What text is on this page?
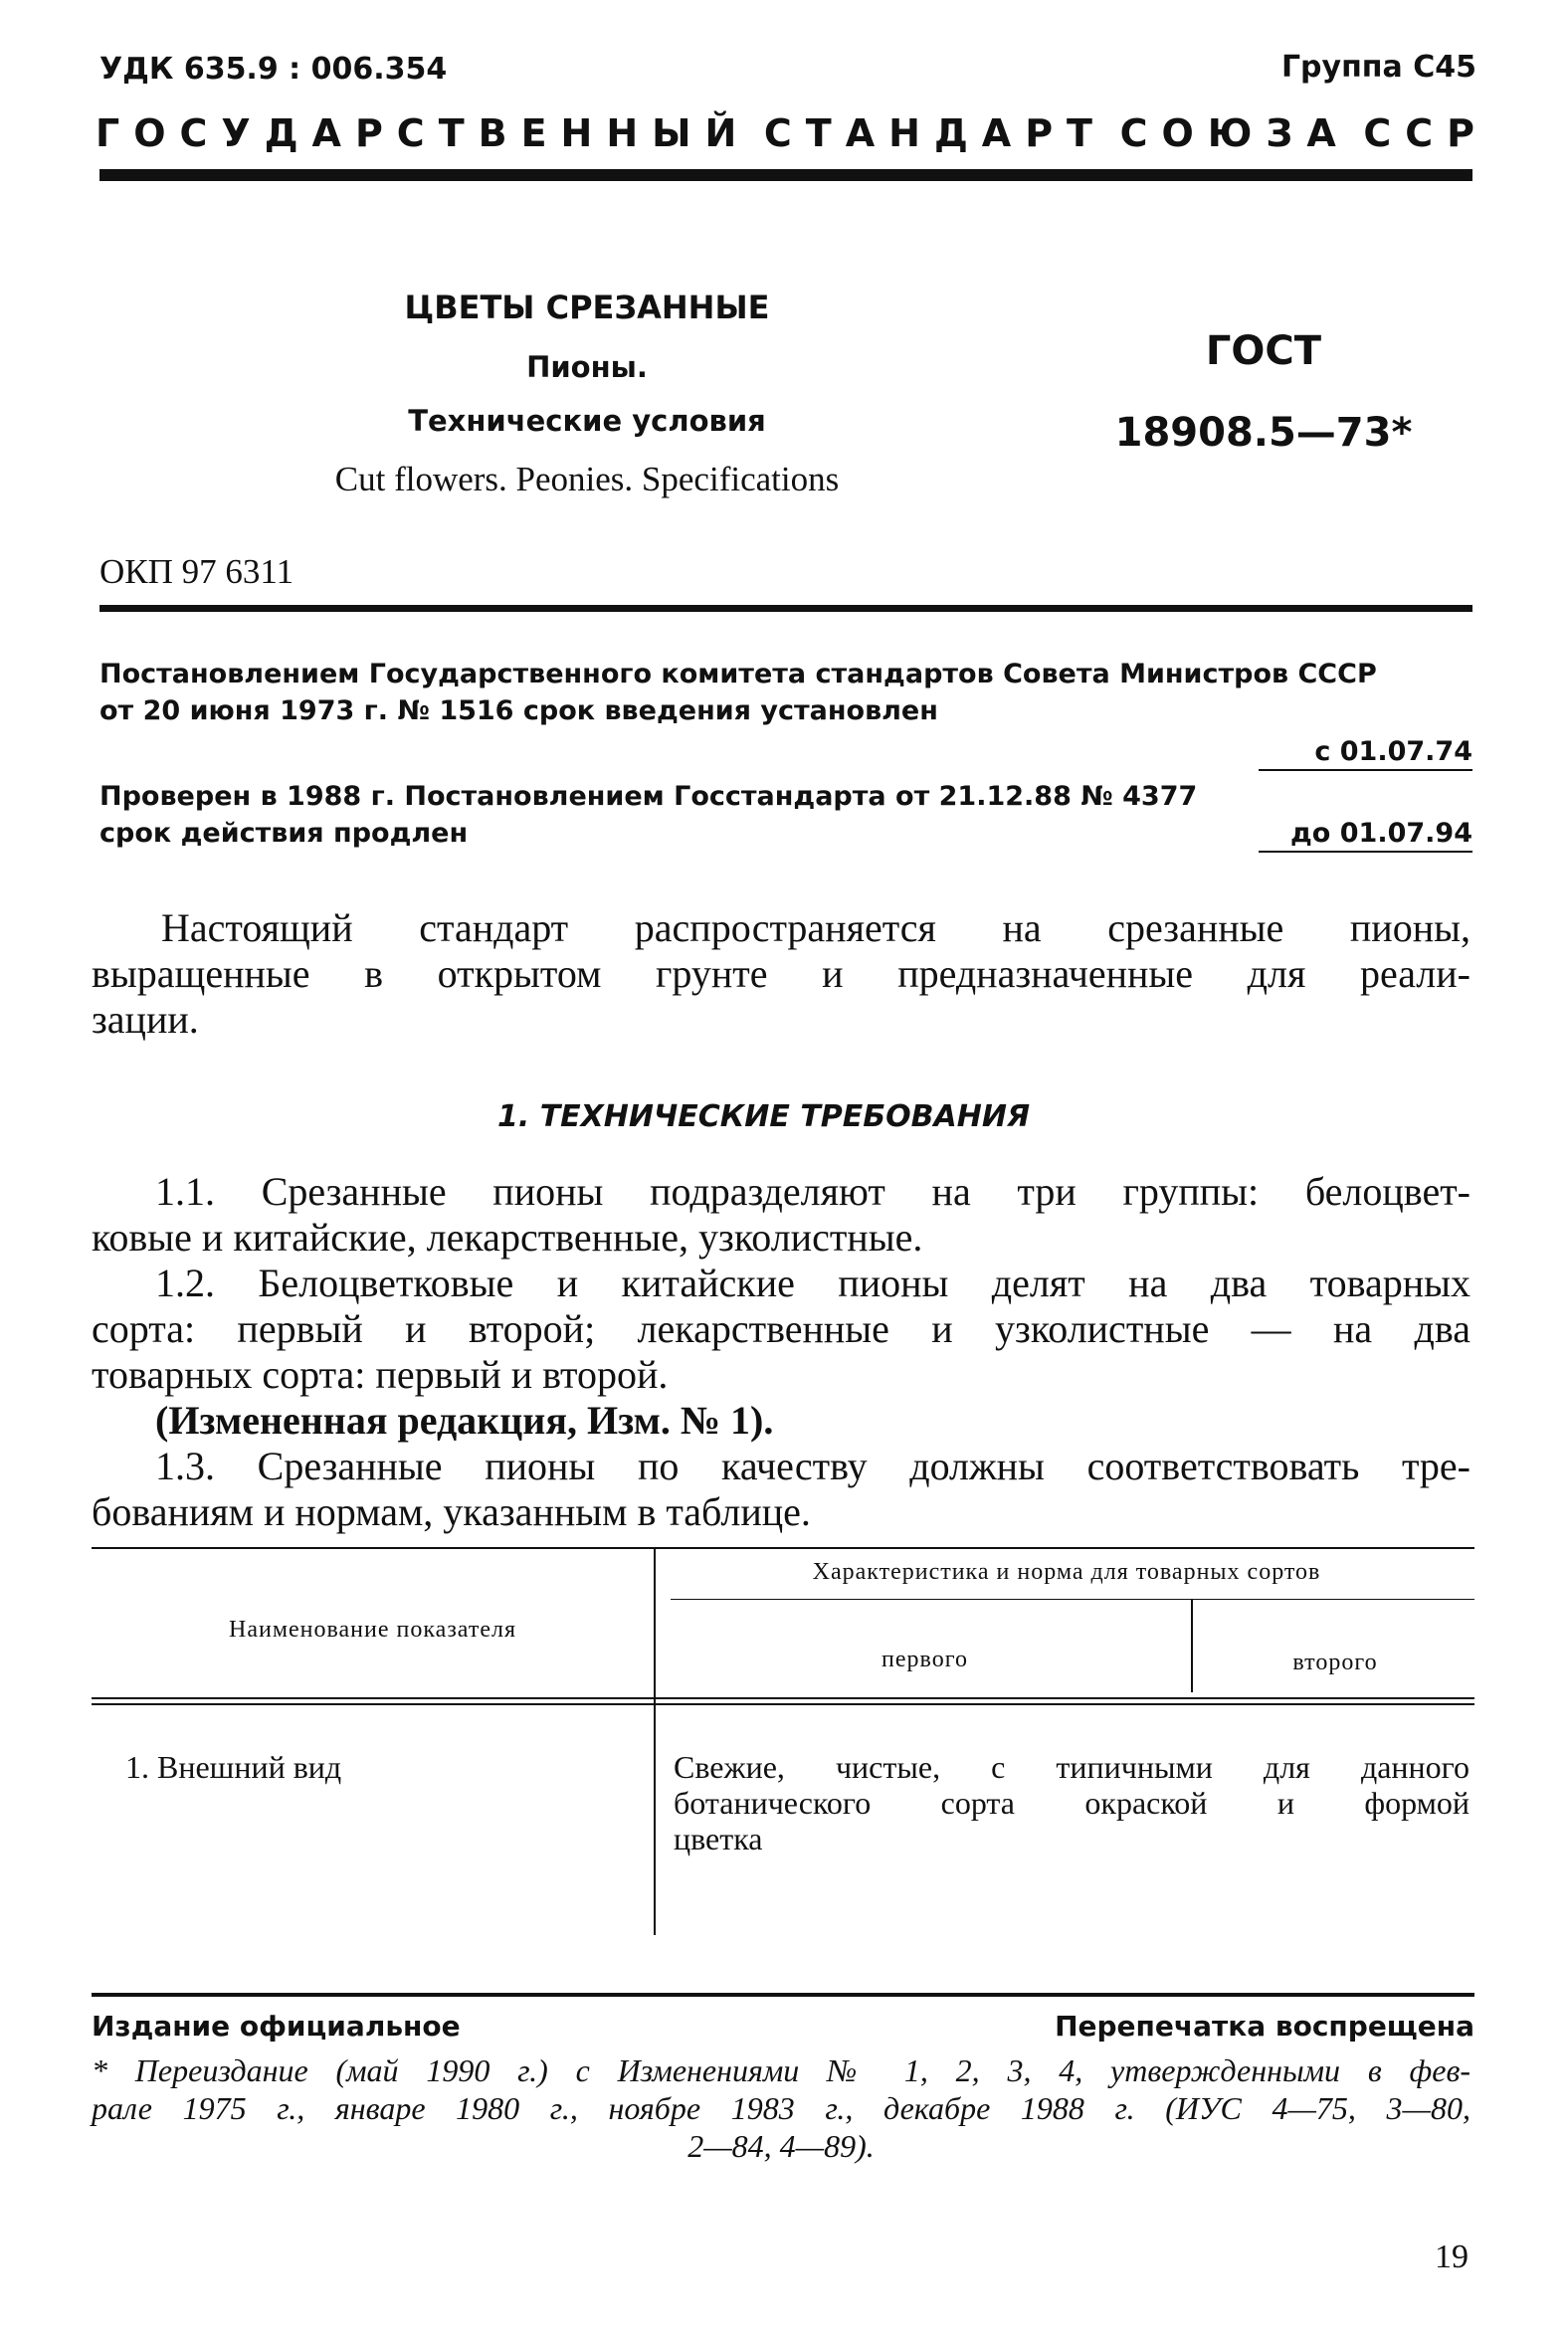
УДК 635.9 : 006.354	Группа С45
ГОСУДАРСТВЕННЫЙ СТАНДАРТ СОЮЗА ССР
ЦВЕТЫ СРЕЗАННЫЕ
Пионы.
Технические условия
Cut flowers. Peonies. Specifications
ГОСТ
18908.5—73*
ОКП 97 6311
Постановлением Государственного комитета стандартов Совета Министров СССР
от 20 июня 1973 г. № 1516 срок введения установлен
с 01.07.74
Проверен в 1988 г. Постановлением Госстандарта от 21.12.88 № 4377
срок действия продлен	до 01.07.94
Настоящий стандарт распространяется на срезанные пионы,
выращенные в открытом грунте и предназначенные для реали-
зации.
1. ТЕХНИЧЕСКИЕ ТРЕБОВАНИЯ
1.1. Срезанные пионы подразделяют на три группы: белоцвет-
ковые и китайские, лекарственные, узколистные.
1.2. Белоцветковые и китайские пионы делят на два товарных
сорта: первый и второй; лекарственные и узколистные — на два
товарных сорта: первый и второй.
(Измененная редакция, Изм. № 1).
1.3. Срезанные пионы по качеству должны соответствовать тре-
бованиям и нормам, указанным в таблице.
Наименование показателя
Характеристика и норма для товарных сортов
первого	второго
1. Внешний вид	Свежие, чистые, с типичными для данного
ботанического сорта окраской и формой
цветка
Издание официальное	Перепечатка воспрещена
* Переиздание (май 1990 г.) с Изменениями № 1, 2, 3, 4, утвержденными в фев-
рале 1975 г., январе 1980 г., ноябре 1983 г., декабре 1988 г. (ИУС 4—75, 3—80,
2—84, 4—89).
19
